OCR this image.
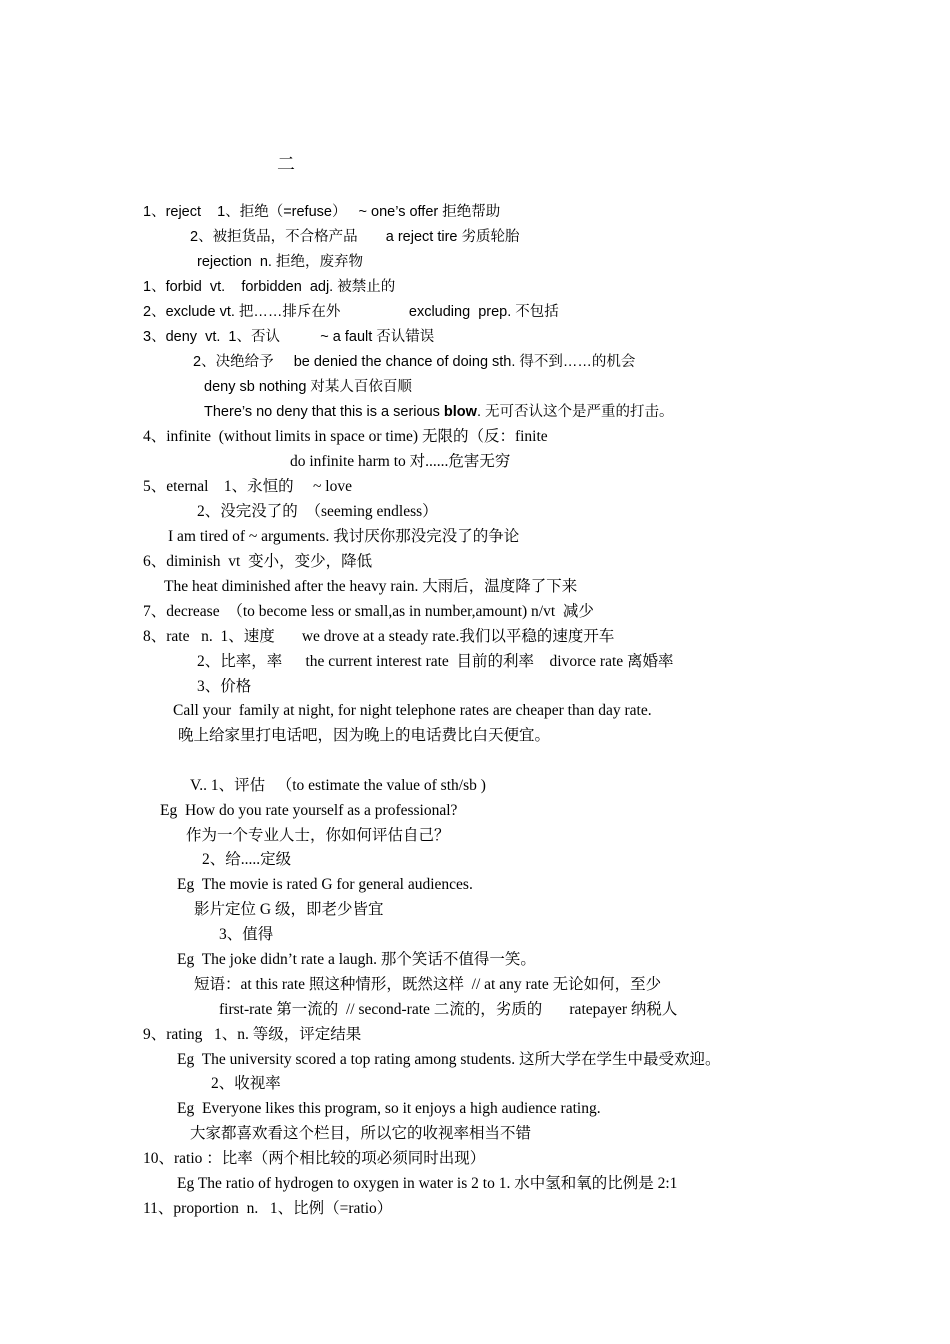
二
1、reject    1、拒绝（=refuse）   ~ one’s offer 拒绝帮助
2、被拒货品，不合格产品       a reject tire 劣质轮胎
rejection  n. 拒绝，废弃物
1、forbid  vt.    forbidden  adj. 被禁止的
2、exclude vt. 把……排斥在外                 excluding  prep. 不包括
3、deny  vt.  1、否认          ~ a fault 否认错误
2、决绝给予     be denied the chance of doing sth. 得不到……的机会
deny sb nothing 对某人百依百顺
There’s no deny that this is a serious blow. 无可否认这个是严重的打击。
4、infinite  (without limits in space or time) 无限的（反：finite
do infinite harm to 对......危害无穷
5、eternal    1、永恒的     ~ love
2、没完没了的  （seeming endless）
I am tired of ~ arguments. 我讨厌你那没完没了的争论
6、diminish  vt  变小，变少，降低
The heat diminished after the heavy rain. 大雨后，温度降了下来
7、decrease  （to become less or small,as in number,amount) n/vt  减少
8、rate   n.  1、速度       we drove at a steady rate.我们以平稳的速度开车
2、比率，率      the current interest rate  目前的利率    divorce rate 离婚率
3、价格
Call your  family at night, for night telephone rates are cheaper than day rate.
晚上给家里打电话吧，因为晚上的电话费比白天便宜。
V.. 1、评估   （to estimate the value of sth/sb )
Eg  How do you rate yourself as a professional?
作为一个专业人士，你如何评估自己？
2、给.....定级
Eg  The movie is rated G for general audiences.
影片定位 G 级，即老少皆宜
3、值得
Eg  The joke didn’t rate a laugh. 那个笑话不值得一笑。
短语：at this rate 照这种情形，既然这样  // at any rate 无论如何，至少
first-rate 第一流的  // second-rate 二流的，劣质的       ratepayer 纳税人
9、rating   1、n. 等级，评定结果
Eg  The university scored a top rating among students. 这所大学在学生中最受欢迎。
2、收视率
Eg  Everyone likes this program, so it enjoys a high audience rating.
大家都喜欢看这个栏目，所以它的收视率相当不错
10、ratio ：比率（两个相比较的项必须同时出现）
Eg The ratio of hydrogen to oxygen in water is 2 to 1. 水中氢和氧的比例是 2:1
11、proportion  n.   1、比例（=ratio）
